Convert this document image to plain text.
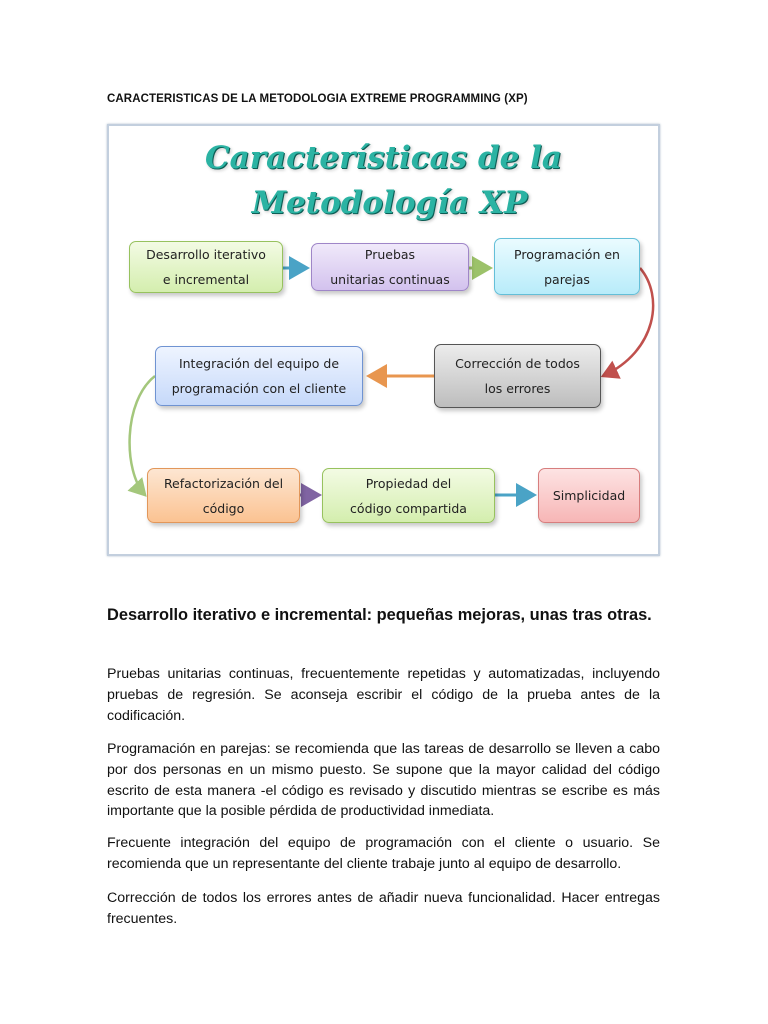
CARACTERISTICAS DE LA METODOLOGIA EXTREME PROGRAMMING (XP)
Características de la
Metodología XP
Desarrollo iterativo
e incremental
Pruebas
unitarias continuas
Programación en
parejas
Corrección de todos
los errores
Integración del equipo de
programación con el cliente
Refactorización del
código
Propiedad del
código compartida
Simplicidad
Desarrollo iterativo e incremental: pequeñas mejoras, unas tras otras.

Pruebas unitarias continuas, frecuentemente repetidas y automatizadas, incluyendo pruebas de regresión. Se aconseja escribir el código de la prueba antes de la codificación.

Programación en parejas: se recomienda que las tareas de desarrollo se lleven a cabo por dos personas en un mismo puesto. Se supone que la mayor calidad del código escrito de esta manera -el código es revisado y discutido mientras se escribe es más importante que la posible pérdida de productividad inmediata.

Frecuente integración del equipo de programación con el cliente o usuario. Se recomienda que un representante del cliente trabaje junto al equipo de desarrollo.

Corrección de todos los errores antes de añadir nueva funcionalidad. Hacer entregas frecuentes.
